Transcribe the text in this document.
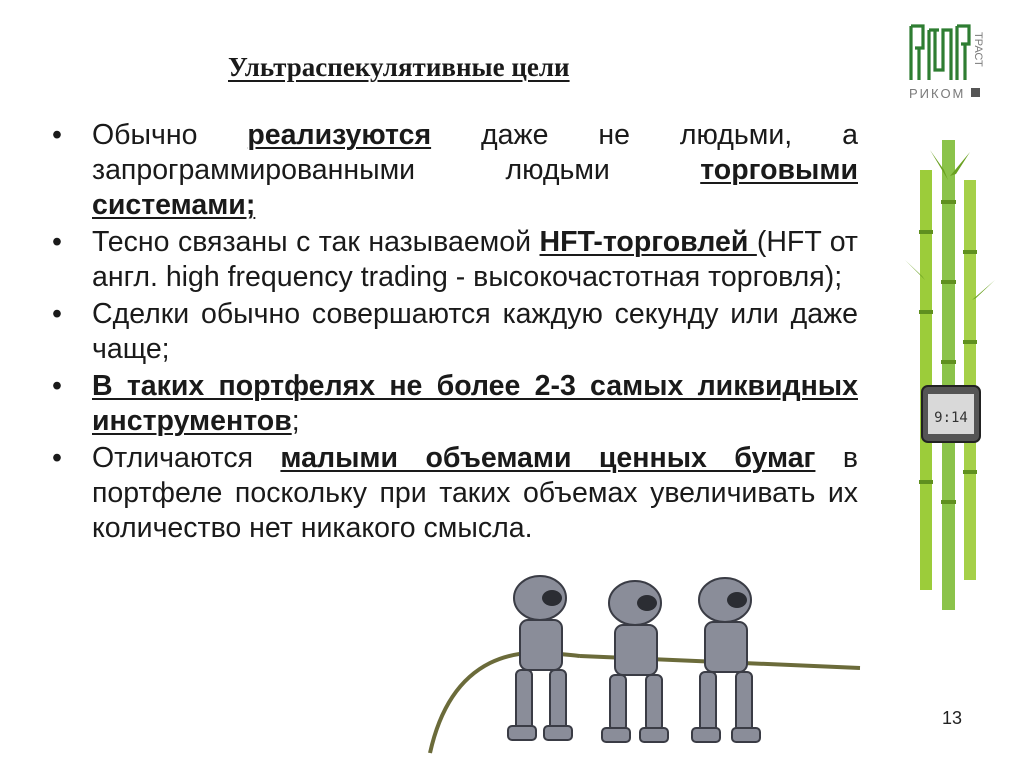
Ультраспекулятивные цели
ТРАСТ
РИКОМ
• Обычно реализуются даже не людьми, а запрограммированными людьми торговыми системами;
• Тесно связаны с так называемой HFT-торговлей (HFT от англ. high frequency trading - высокочастотная торговля);
• Сделки обычно совершаются каждую секунду или даже чаще;
• В таких портфелях не более 2-3 самых ликвидных инструментов;
• Отличаются малыми объемами ценных бумаг в портфеле поскольку при таких объемах увеличивать их количество нет никакого смысла.
9:14
13
